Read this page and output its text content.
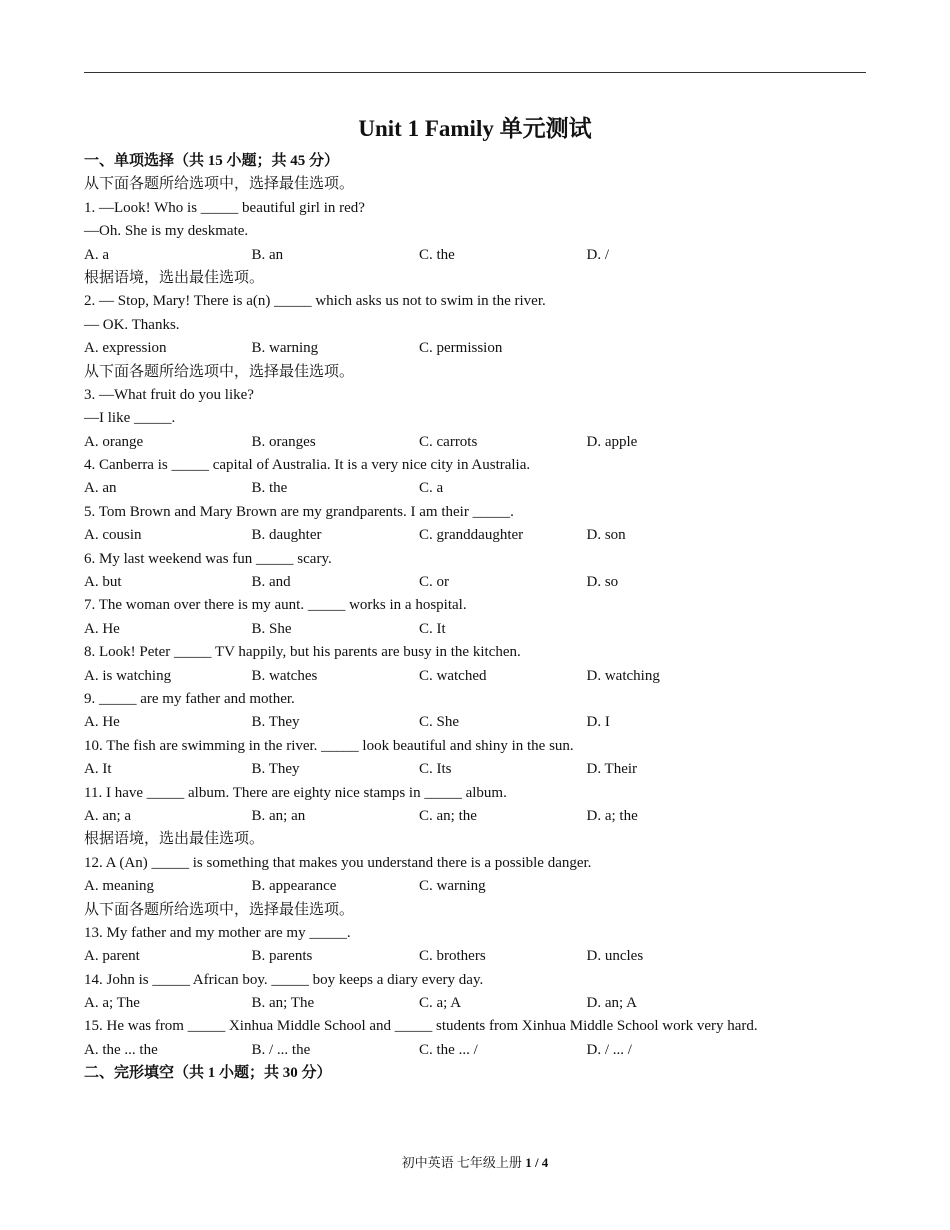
Unit 1 Family 单元测试
一、单项选择（共 15 小题；共 45 分）
从下面各题所给选项中，选择最佳选项。
1. —Look! Who is _____ beautiful girl in red?
—Oh. She is my deskmate.
A. a	B. an	C. the	D. /
根据语境，选出最佳选项。
2. — Stop, Mary! There is a(n) _____ which asks us not to swim in the river.
— OK. Thanks.
A. expression	B. warning	C. permission
从下面各题所给选项中，选择最佳选项。
3. —What fruit do you like?
—I like _____.
A. orange	B. oranges	C. carrots	D. apple
4. Canberra is _____ capital of Australia. It is a very nice city in Australia.
A. an	B. the	C. a
5. Tom Brown and Mary Brown are my grandparents. I am their _____.
A. cousin	B. daughter	C. granddaughter	D. son
6. My last weekend was fun _____ scary.
A. but	B. and	C. or	D. so
7. The woman over there is my aunt. _____ works in a hospital.
A. He	B. She	C. It
8. Look! Peter _____ TV happily, but his parents are busy in the kitchen.
A. is watching	B. watches	C. watched	D. watching
9. _____ are my father and mother.
A. He	B. They	C. She	D. I
10. The fish are swimming in the river. _____ look beautiful and shiny in the sun.
A. It	B. They	C. Its	D. Their
11. I have _____ album. There are eighty nice stamps in _____ album.
A. an; a	B. an; an	C. an; the	D. a; the
根据语境，选出最佳选项。
12. A (An) _____ is something that makes you understand there is a possible danger.
A. meaning	B. appearance	C. warning
从下面各题所给选项中，选择最佳选项。
13. My father and my mother are my _____.
A. parent	B. parents	C. brothers	D. uncles
14. John is _____ African boy. _____ boy keeps a diary every day.
A. a; The	B. an; The	C. a; A	D. an; A
15. He was from _____ Xinhua Middle School and _____ students from Xinhua Middle School work very hard.
A. the ... the	B. / ... the	C. the ... /	D. / ... /
二、完形填空（共 1 小题；共 30 分）
初中英语 七年级上册 1 / 4
